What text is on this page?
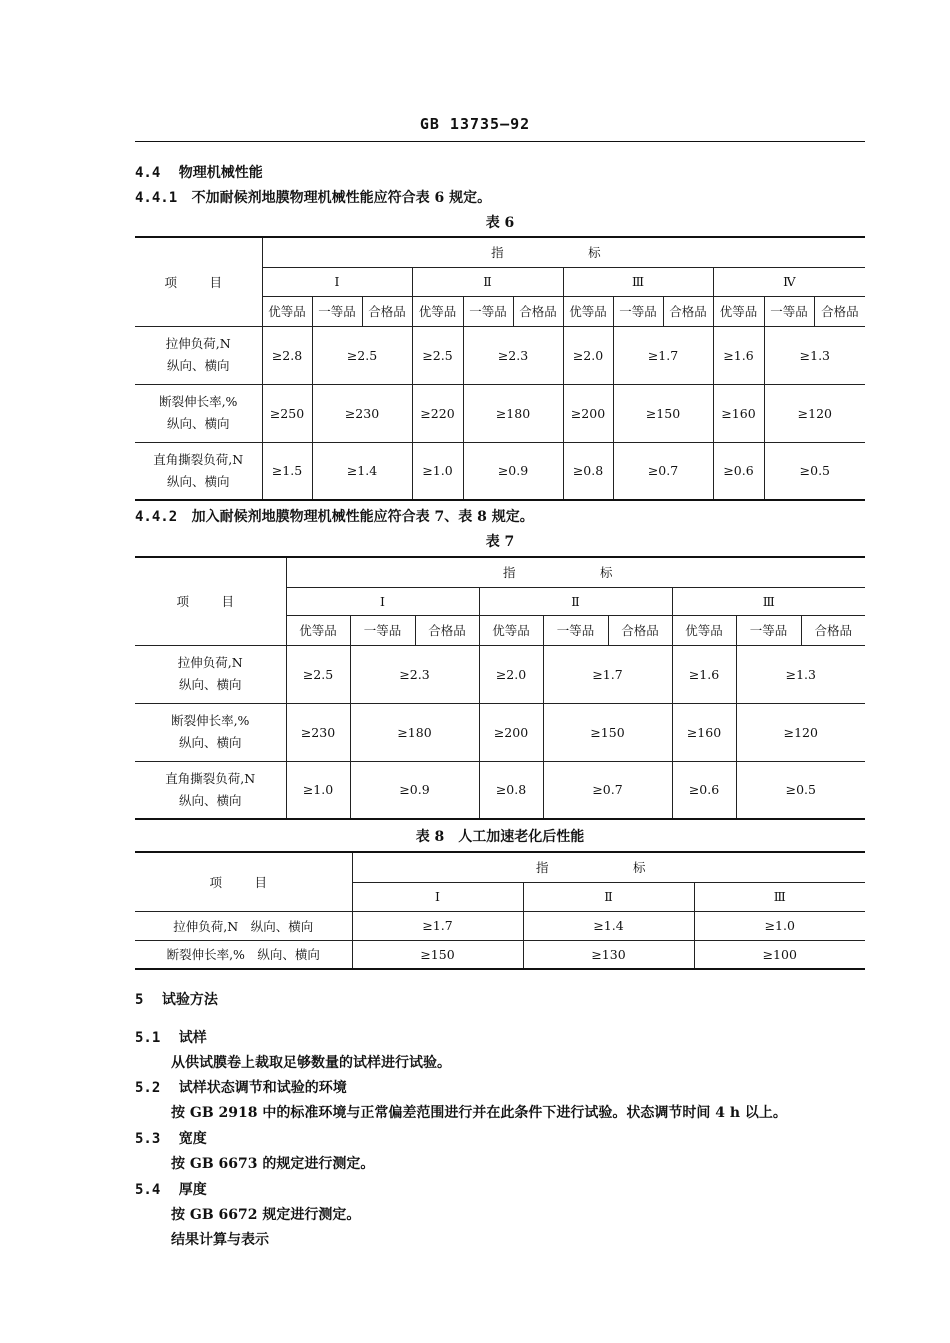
GB 13735—92
4.4 物理机械性能
4.4.1 不加耐候剂地膜物理机械性能应符合表 6 规定。
表 6
项　目	指　标											
	Ⅰ			Ⅱ			Ⅲ			Ⅳ		
	优等品	一等品	合格品	优等品	一等品	合格品	优等品	一等品	合格品	优等品	一等品	合格品
拉伸负荷,N
纵向、横向	≥2.8	≥2.5		≥2.5	≥2.3		≥2.0	≥1.7		≥1.6	≥1.3	
断裂伸长率,%
纵向、横向	≥250	≥230		≥220	≥180		≥200	≥150		≥160	≥120	
直角撕裂负荷,N
纵向、横向	≥1.5	≥1.4		≥1.0	≥0.9		≥0.8	≥0.7		≥0.6	≥0.5	
4.4.2 加入耐候剂地膜物理机械性能应符合表 7、表 8 规定。
表 7
项　目	指　标								
	Ⅰ			Ⅱ			Ⅲ		
	优等品	一等品	合格品	优等品	一等品	合格品	优等品	一等品	合格品
拉伸负荷,N
纵向、横向	≥2.5	≥2.3		≥2.0	≥1.7		≥1.6	≥1.3	
断裂伸长率,%
纵向、横向	≥230	≥180		≥200	≥150		≥160	≥120	
直角撕裂负荷,N
纵向、横向	≥1.0	≥0.9		≥0.8	≥0.7		≥0.6	≥0.5	
表 8　人工加速老化后性能
项　目	指　标		
	Ⅰ	Ⅱ	Ⅲ
拉伸负荷,N　纵向、横向	≥1.7	≥1.4	≥1.0
断裂伸长率,%　纵向、横向	≥150	≥130	≥100
5 试验方法
5.1 试样
从供试膜卷上裁取足够数量的试样进行试验。
5.2 试样状态调节和试验的环境
按 GB 2918 中的标准环境与正常偏差范围进行并在此条件下进行试验。状态调节时间 4 h 以上。
5.3 宽度
按 GB 6673 的规定进行测定。
5.4 厚度
按 GB 6672 规定进行测定。
结果计算与表示
